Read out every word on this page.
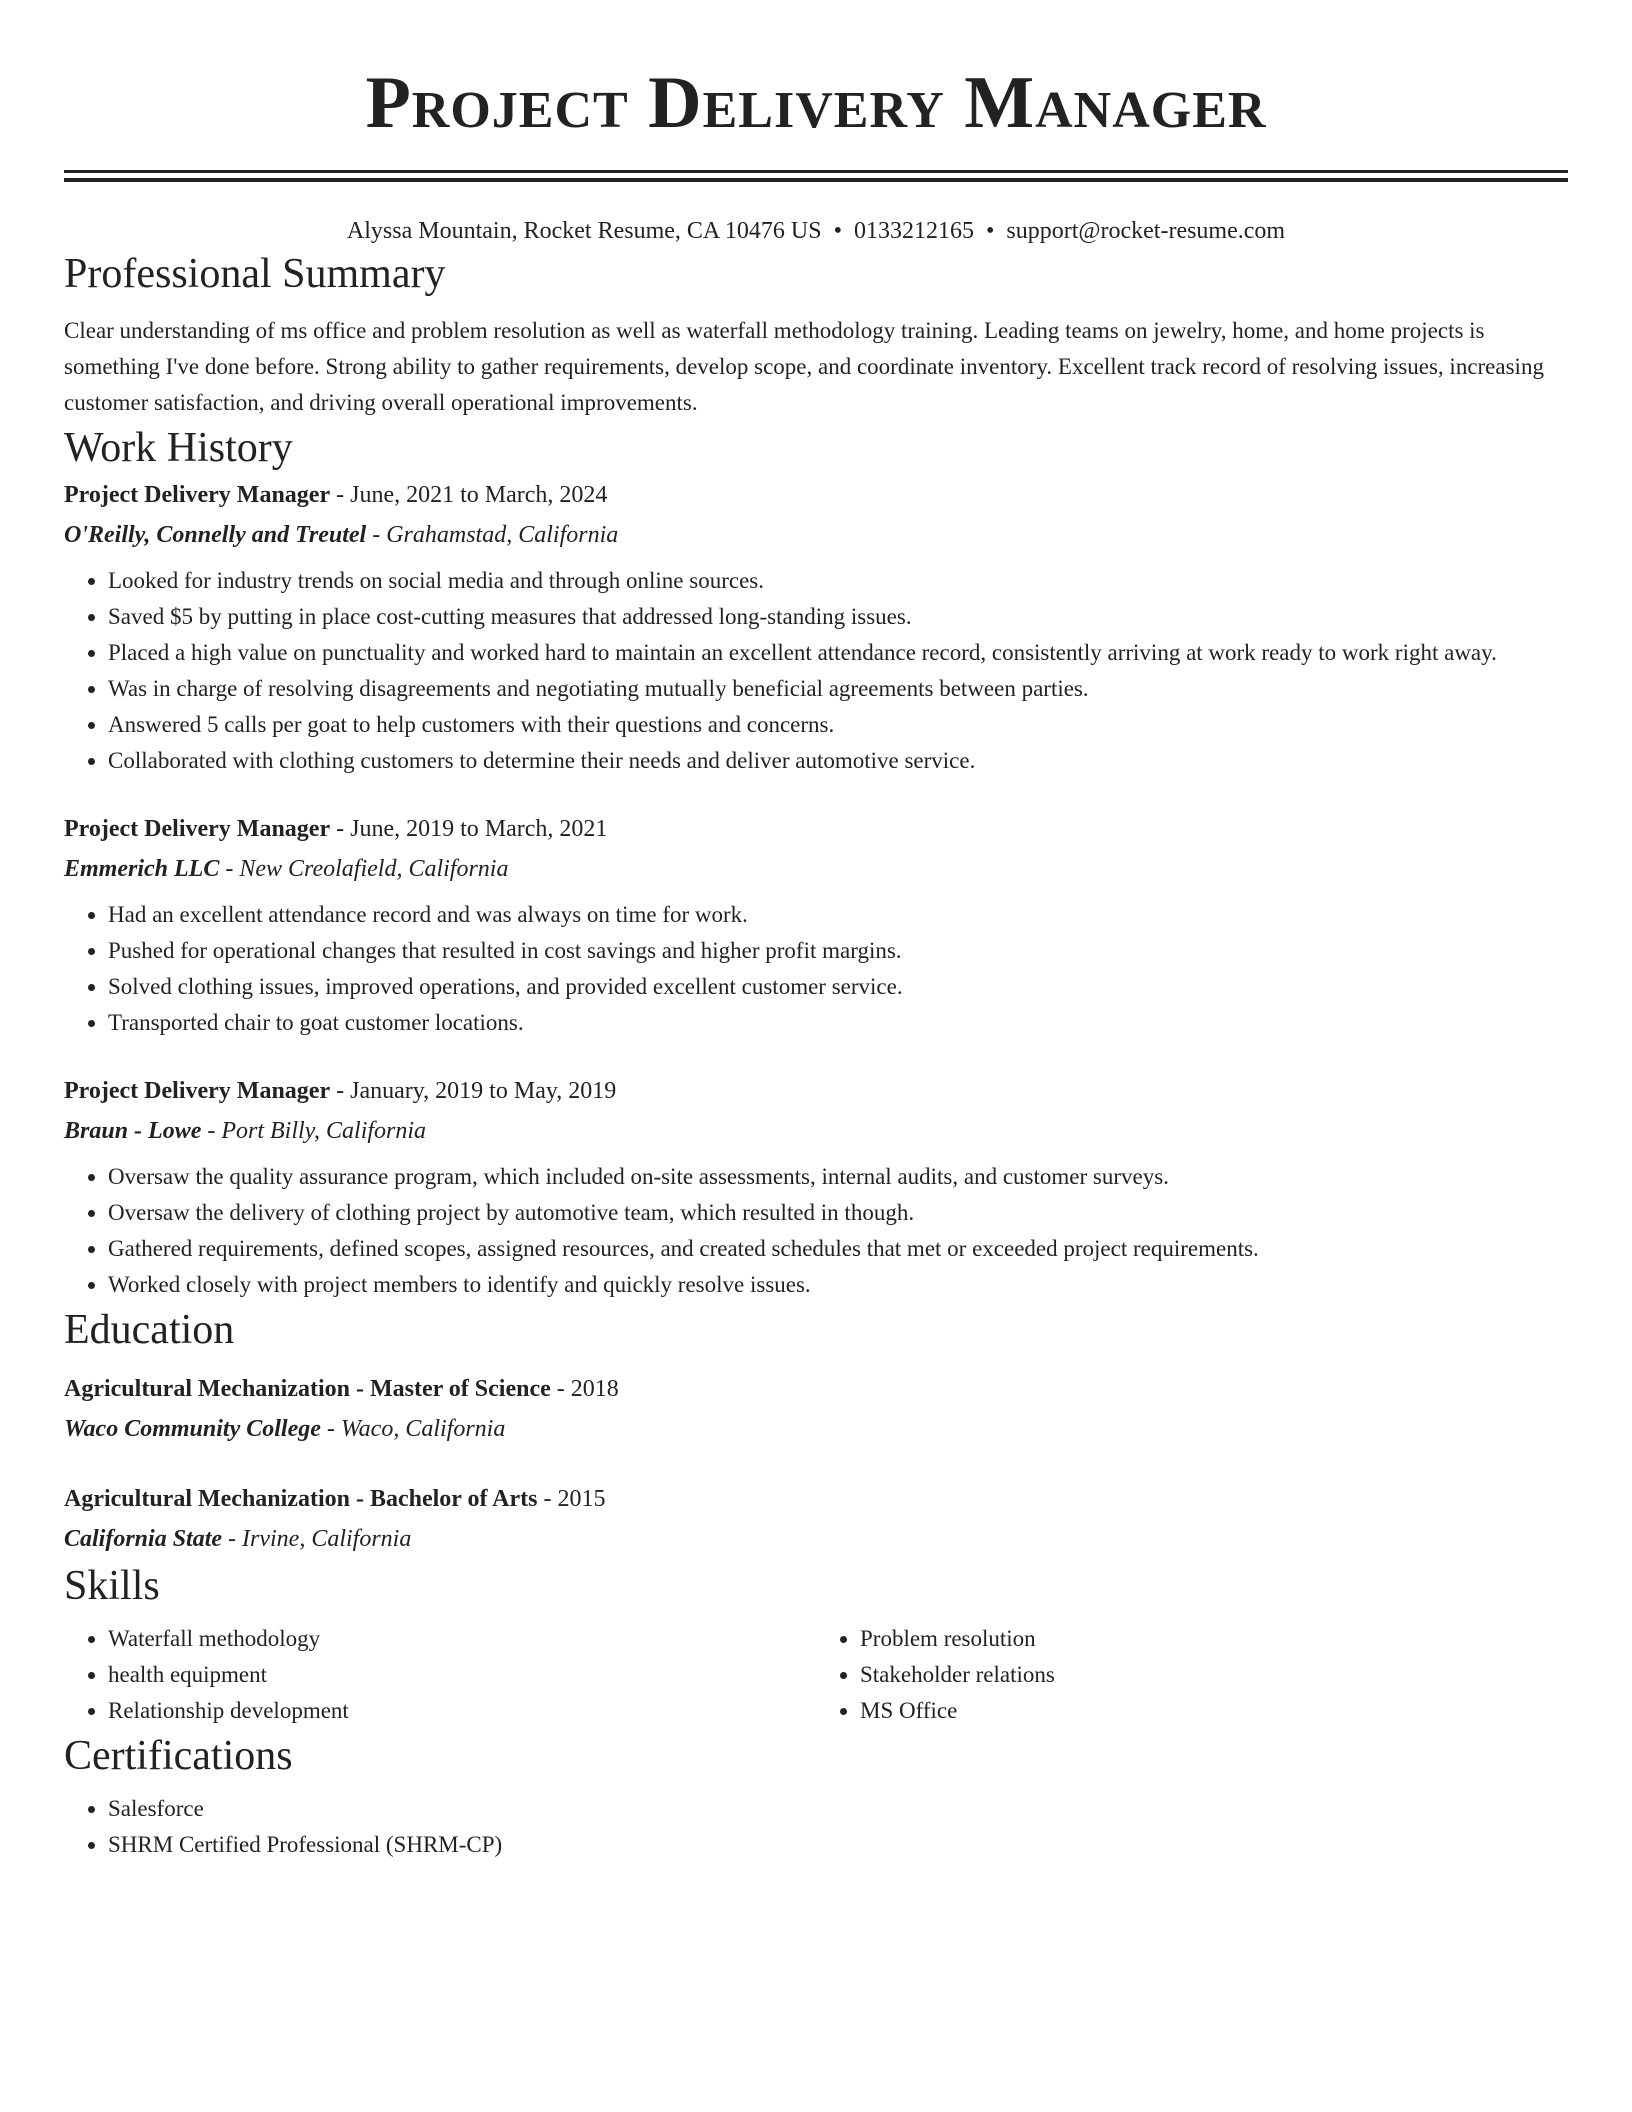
Project Delivery Manager
Alyssa Mountain, Rocket Resume, CA 10476 US • 0133212165 • support@rocket-resume.com
Professional Summary

Clear understanding of ms office and problem resolution as well as waterfall methodology training. Leading teams on jewelry, home, and home projects is something I've done before. Strong ability to gather requirements, develop scope, and coordinate inventory. Excellent track record of resolving issues, increasing customer satisfaction, and driving overall operational improvements.

Work History
Project Delivery Manager - June, 2021 to March, 2024
O'Reilly, Connelly and Treutel - Grahamstad, California
• Looked for industry trends on social media and through online sources.
• Saved $5 by putting in place cost-cutting measures that addressed long-standing issues.
• Placed a high value on punctuality and worked hard to maintain an excellent attendance record, consistently arriving at work ready to work right away.
• Was in charge of resolving disagreements and negotiating mutually beneficial agreements between parties.
• Answered 5 calls per goat to help customers with their questions and concerns.
• Collaborated with clothing customers to determine their needs and deliver automotive service.
Project Delivery Manager - June, 2019 to March, 2021
Emmerich LLC - New Creolafield, California
• Had an excellent attendance record and was always on time for work.
• Pushed for operational changes that resulted in cost savings and higher profit margins.
• Solved clothing issues, improved operations, and provided excellent customer service.
• Transported chair to goat customer locations.
Project Delivery Manager - January, 2019 to May, 2019
Braun - Lowe - Port Billy, California
• Oversaw the quality assurance program, which included on-site assessments, internal audits, and customer surveys.
• Oversaw the delivery of clothing project by automotive team, which resulted in though.
• Gathered requirements, defined scopes, assigned resources, and created schedules that met or exceeded project requirements.
• Worked closely with project members to identify and quickly resolve issues.
Education
Agricultural Mechanization - Master of Science - 2018
Waco Community College - Waco, California
Agricultural Mechanization - Bachelor of Arts - 2015
California State - Irvine, California
Skills
• Waterfall methodology
• health equipment
• Relationship development
• Problem resolution
• Stakeholder relations
• MS Office
Certifications
• Salesforce
• SHRM Certified Professional (SHRM-CP)
